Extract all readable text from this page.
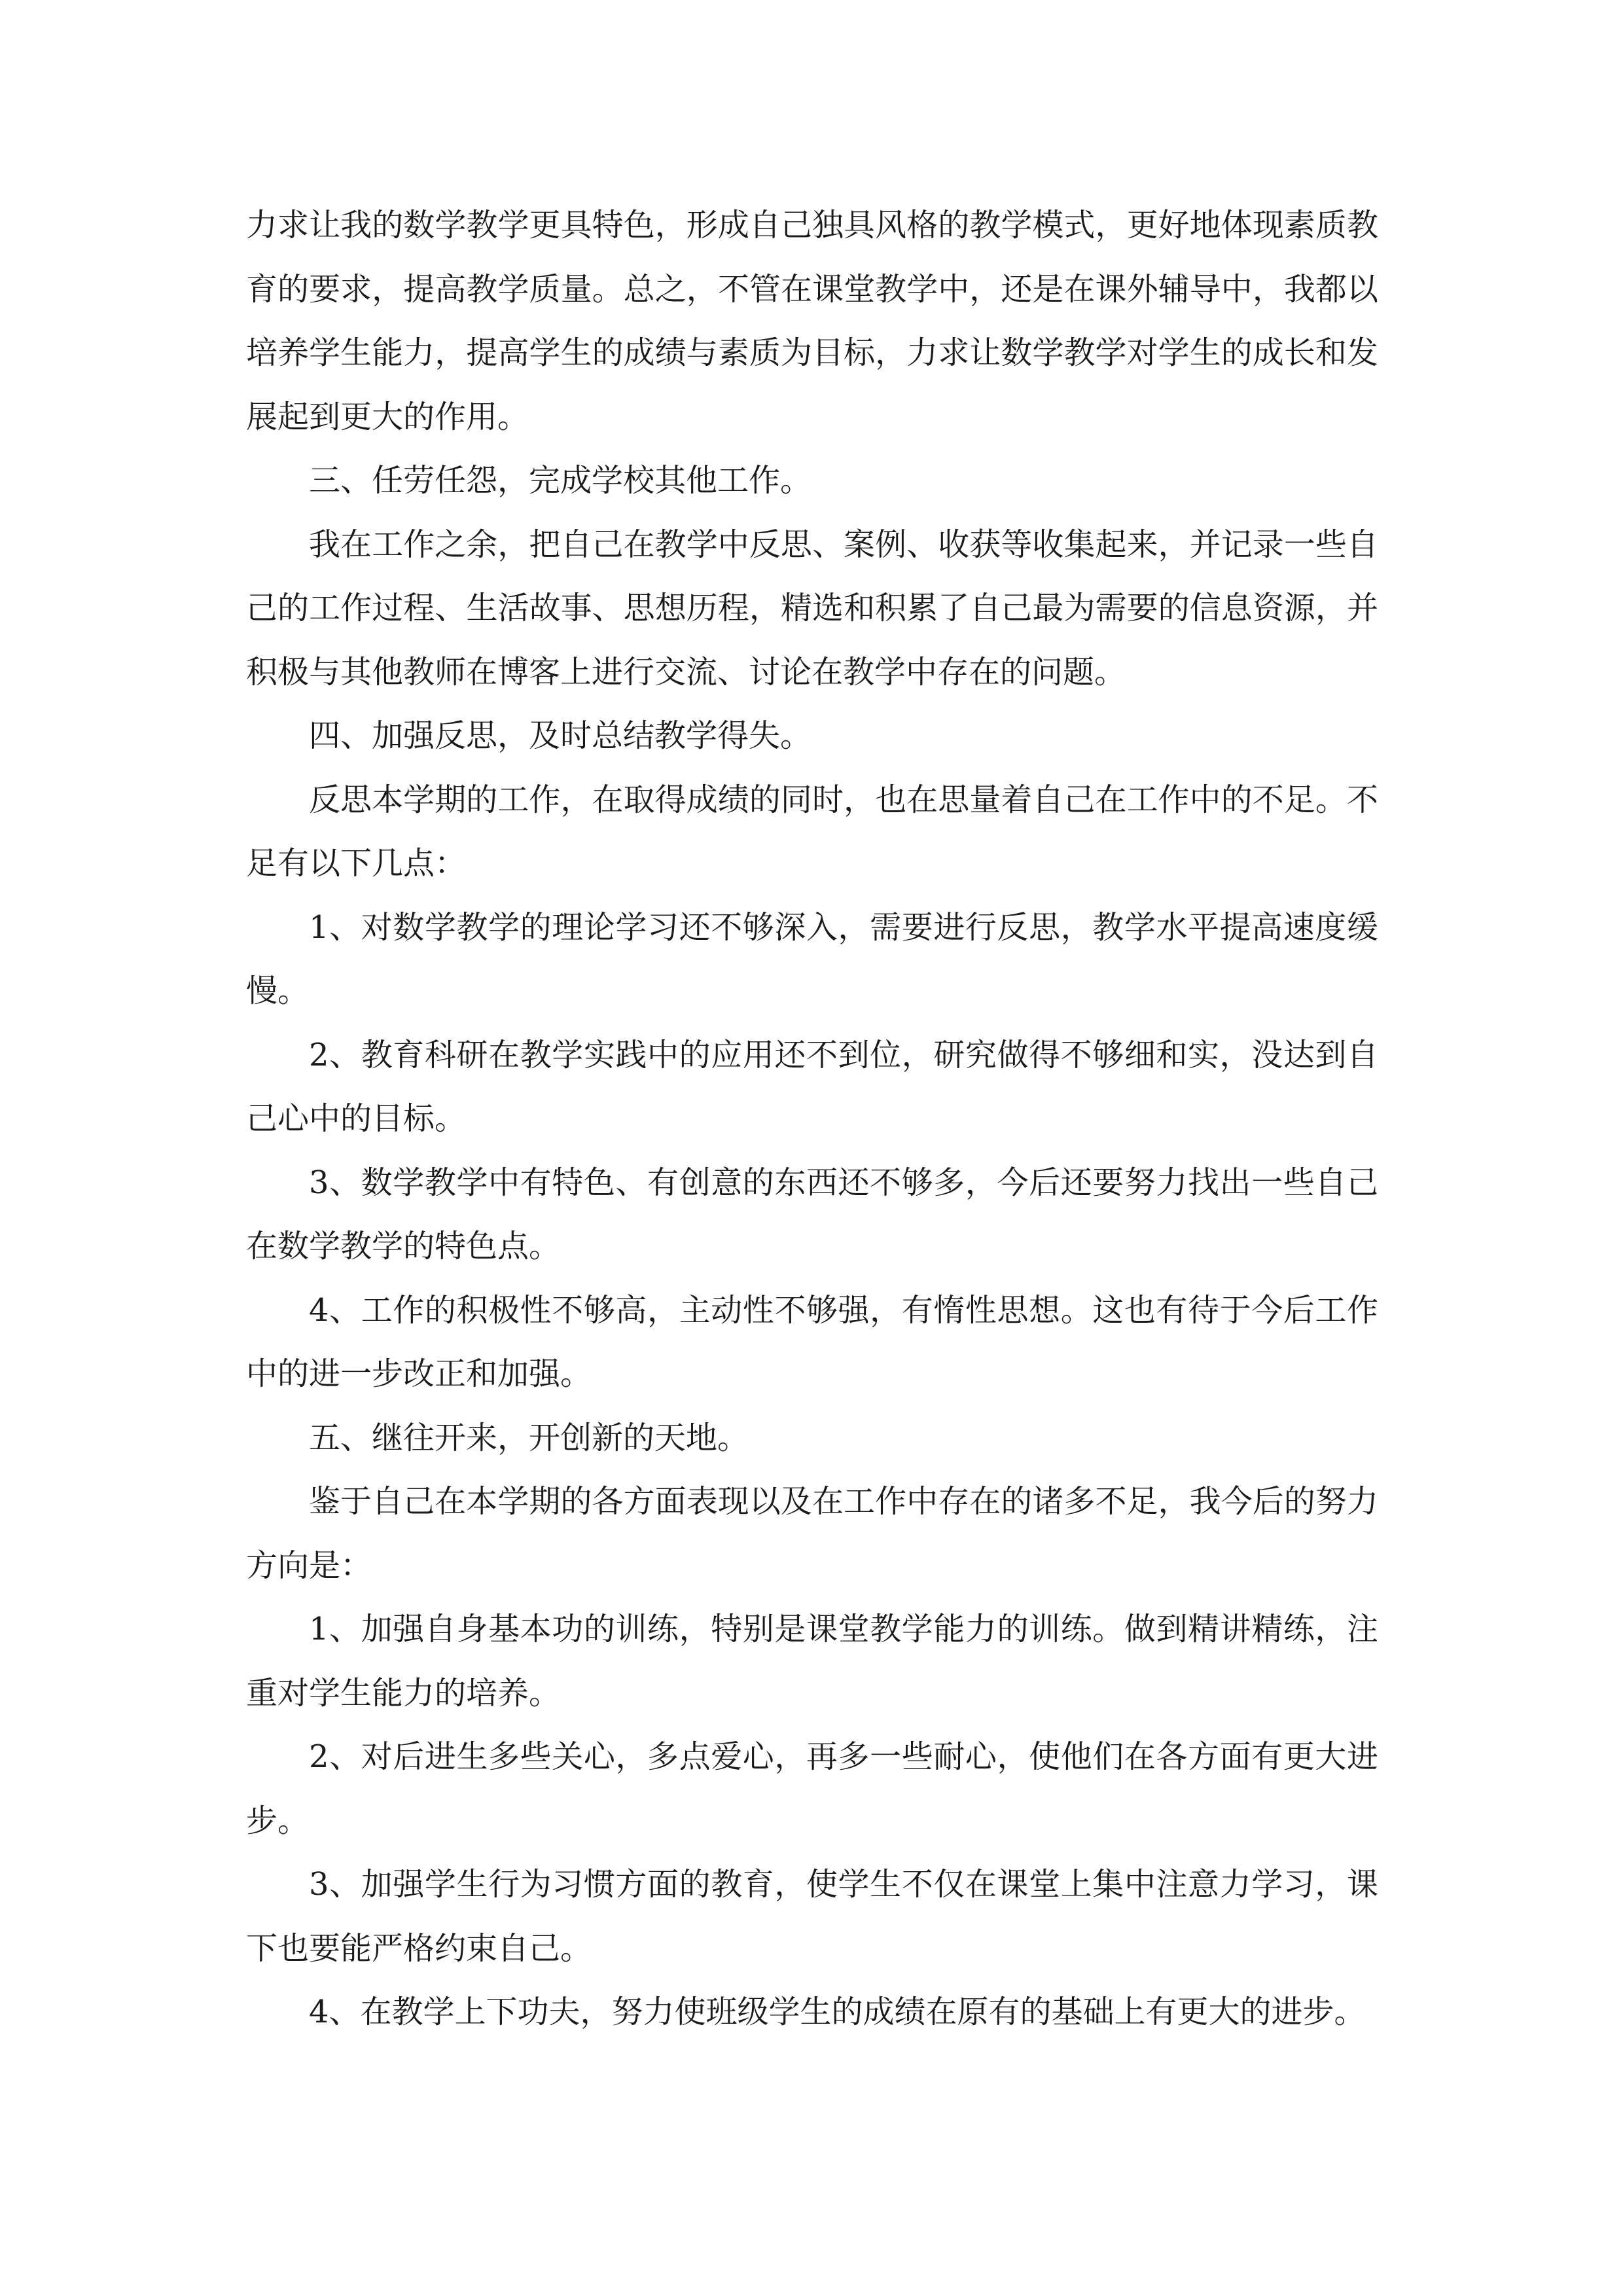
力求让我的数学教学更具特色，形成自己独具风格的教学模式，更好地体现素质教育的要求，提高教学质量。总之，不管在课堂教学中，还是在课外辅导中，我都以培养学生能力，提高学生的成绩与素质为目标，力求让数学教学对学生的成长和发展起到更大的作用。

三、任劳任怨，完成学校其他工作。

我在工作之余，把自己在教学中反思、案例、收获等收集起来，并记录一些自己的工作过程、生活故事、思想历程，精选和积累了自己最为需要的信息资源，并积极与其他教师在博客上进行交流、讨论在教学中存在的问题。

四、加强反思，及时总结教学得失。

反思本学期的工作，在取得成绩的同时，也在思量着自己在工作中的不足。不足有以下几点：

1、对数学教学的理论学习还不够深入，需要进行反思，教学水平提高速度缓慢。

2、教育科研在教学实践中的应用还不到位，研究做得不够细和实，没达到自己心中的目标。

3、数学教学中有特色、有创意的东西还不够多，今后还要努力找出一些自己在数学教学的特色点。

4、工作的积极性不够高，主动性不够强，有惰性思想。这也有待于今后工作中的进一步改正和加强。

五、继往开来，开创新的天地。

鉴于自己在本学期的各方面表现以及在工作中存在的诸多不足，我今后的努力方向是：

1、加强自身基本功的训练，特别是课堂教学能力的训练。做到精讲精练，注重对学生能力的培养。

2、对后进生多些关心，多点爱心，再多一些耐心，使他们在各方面有更大进步。

3、加强学生行为习惯方面的教育，使学生不仅在课堂上集中注意力学习，课下也要能严格约束自己。

4、在教学上下功夫，努力使班级学生的成绩在原有的基础上有更大的进步。
